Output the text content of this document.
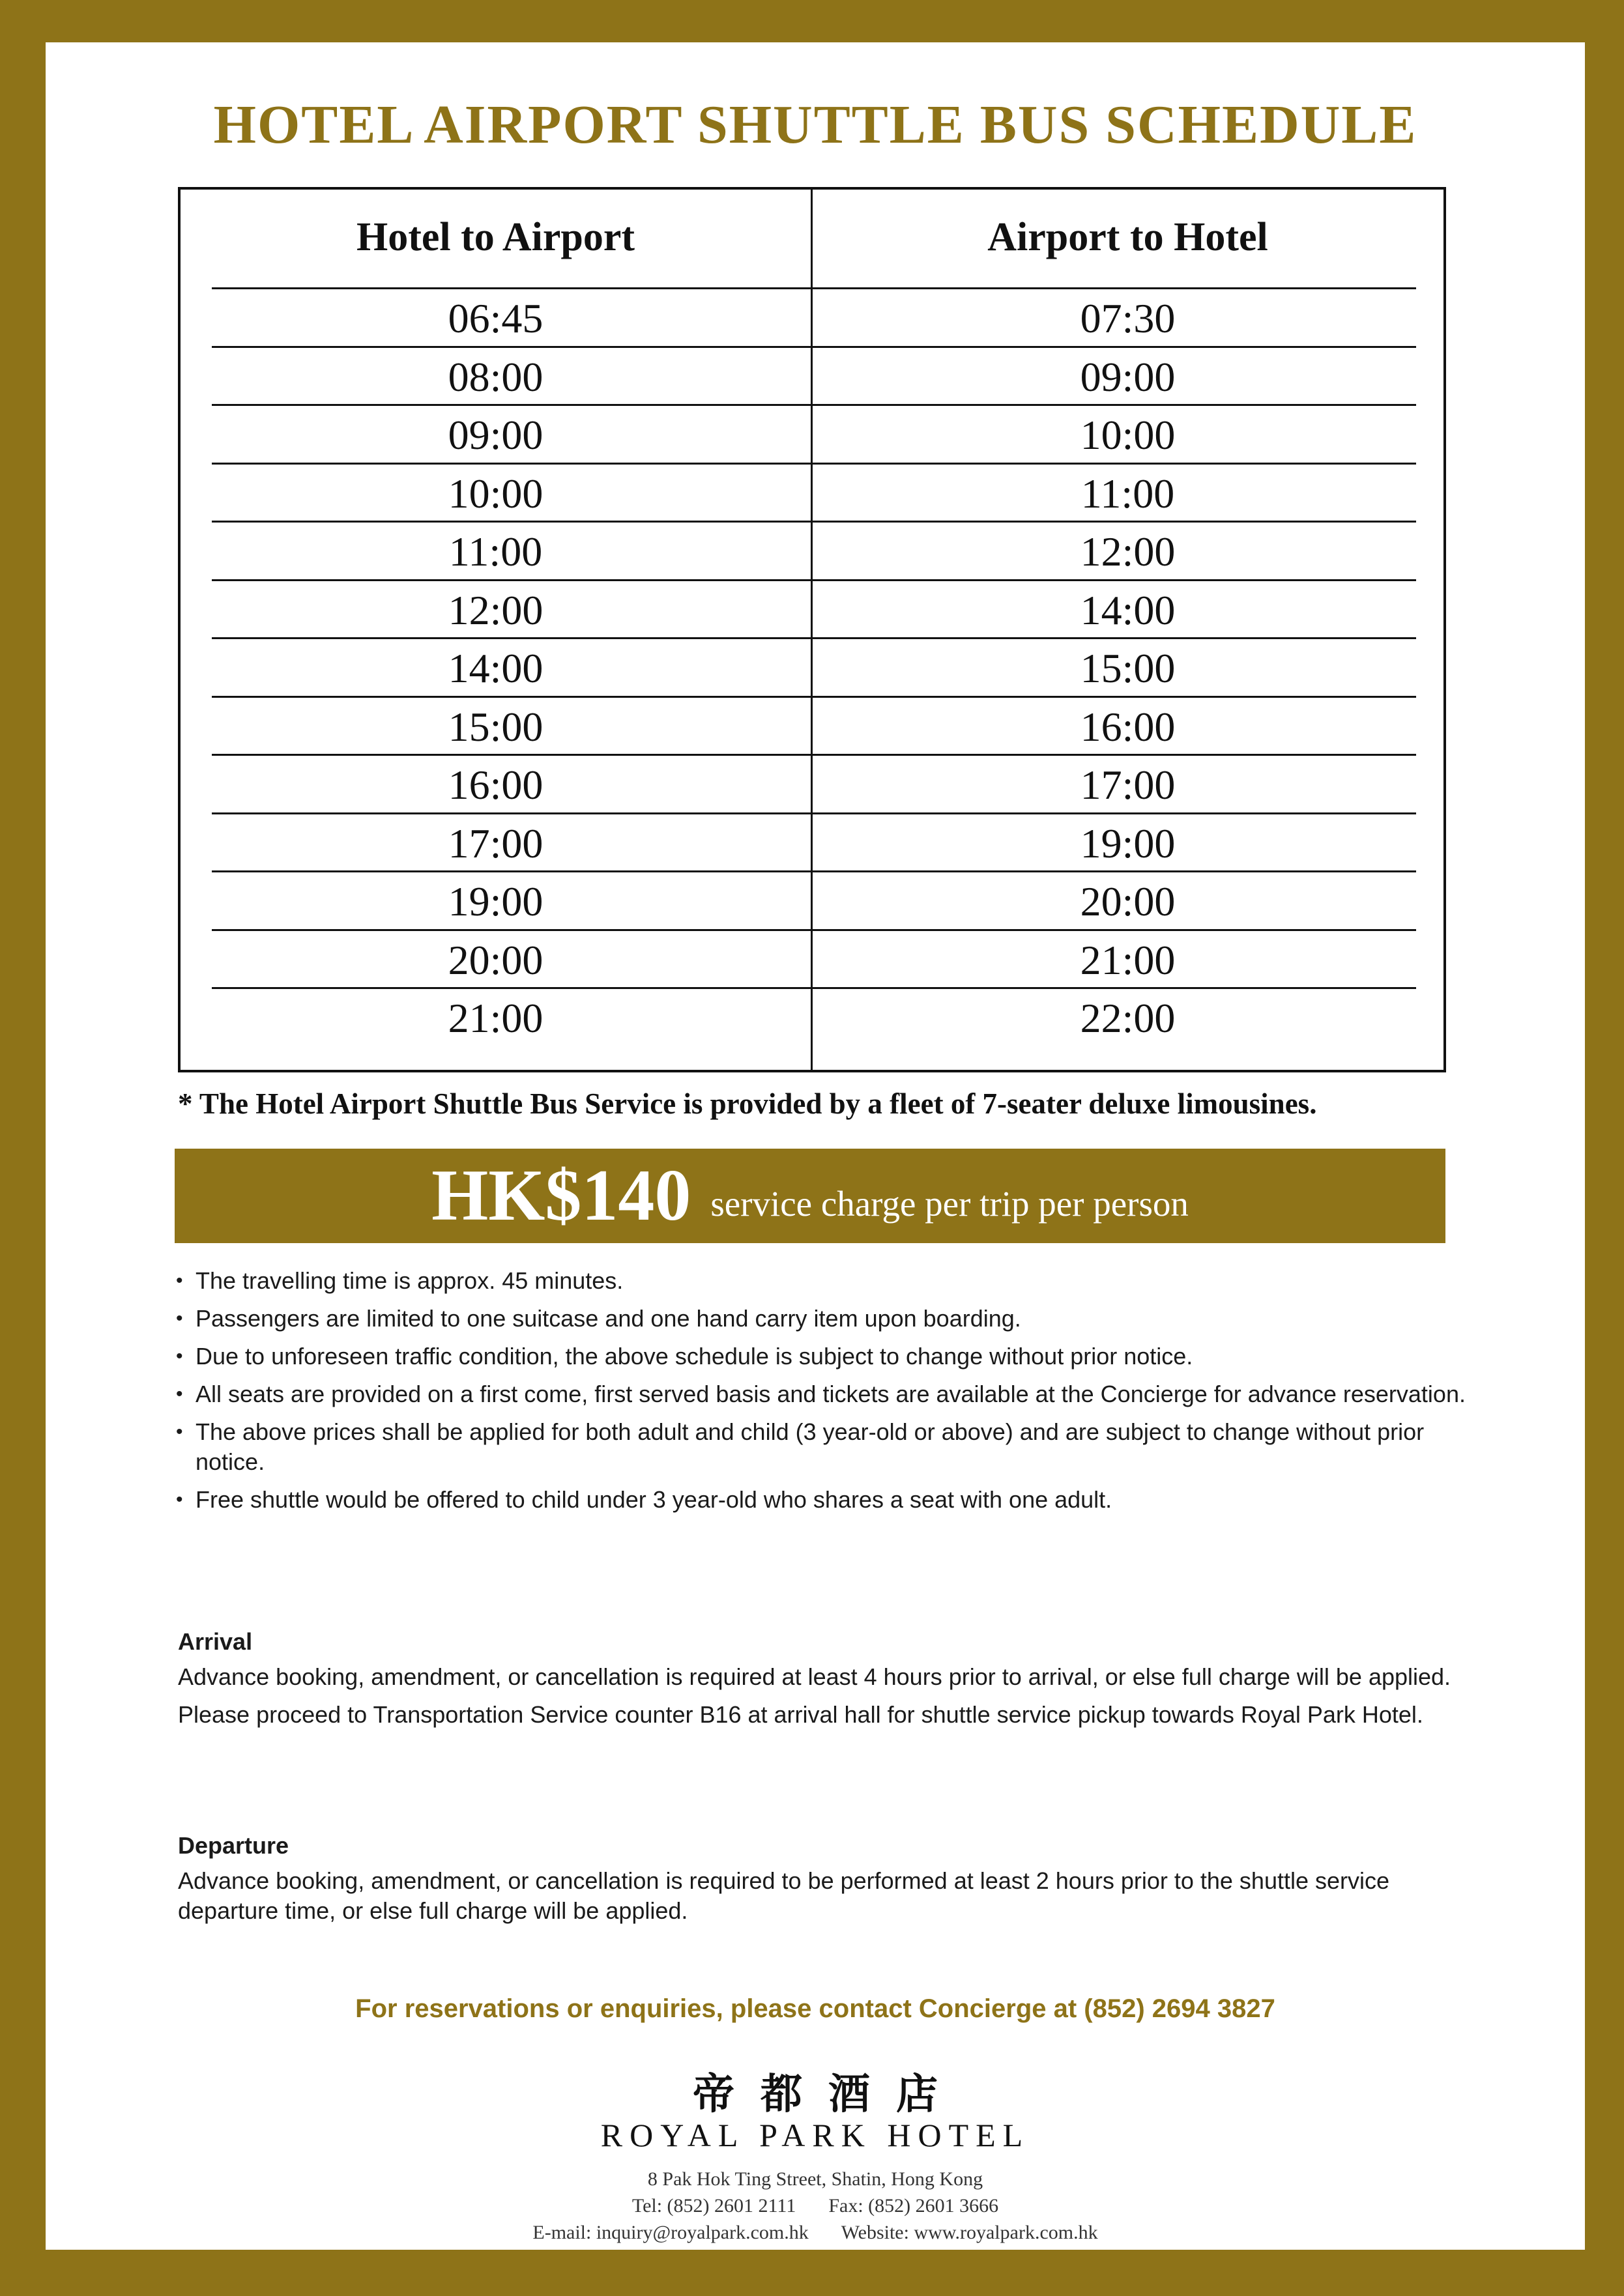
HOTEL AIRPORT SHUTTLE BUS SCHEDULE
Hotel to Airport	Airport to Hotel
06:45	07:30
08:00	09:00
09:00	10:00
10:00	11:00
11:00	12:00
12:00	14:00
14:00	15:00
15:00	16:00
16:00	17:00
17:00	19:00
19:00	20:00
20:00	21:00
21:00	22:00
* The Hotel Airport Shuttle Bus Service is provided by a fleet of 7-seater deluxe limousines.
HK$140 service charge per trip per person
• The travelling time is approx. 45 minutes.
• Passengers are limited to one suitcase and one hand carry item upon boarding.
• Due to unforeseen traffic condition, the above schedule is subject to change without prior notice.
• All seats are provided on a first come, first served basis and tickets are available at the Concierge for advance reservation.
• The above prices shall be applied for both adult and child (3 year-old or above) and are subject to change without prior notice.
• Free shuttle would be offered to child under 3 year-old who shares a seat with one adult.
Arrival

Advance booking, amendment, or cancellation is required at least 4 hours prior to arrival, or else full charge will be applied.

Please proceed to Transportation Service counter B16 at arrival hall for shuttle service pickup towards Royal Park Hotel.

Departure

Advance booking, amendment, or cancellation is required to be performed at least 2 hours prior to the shuttle service departure time, or else full charge will be applied.

For reservations or enquiries, please contact Concierge at (852) 2694 3827
帝都酒店
ROYAL PARK HOTEL
8 Pak Hok Ting Street, Shatin, Hong Kong
Tel: (852) 2601 2111 Fax: (852) 2601 3666
E-mail: inquiry@royalpark.com.hk Website: www.royalpark.com.hk
